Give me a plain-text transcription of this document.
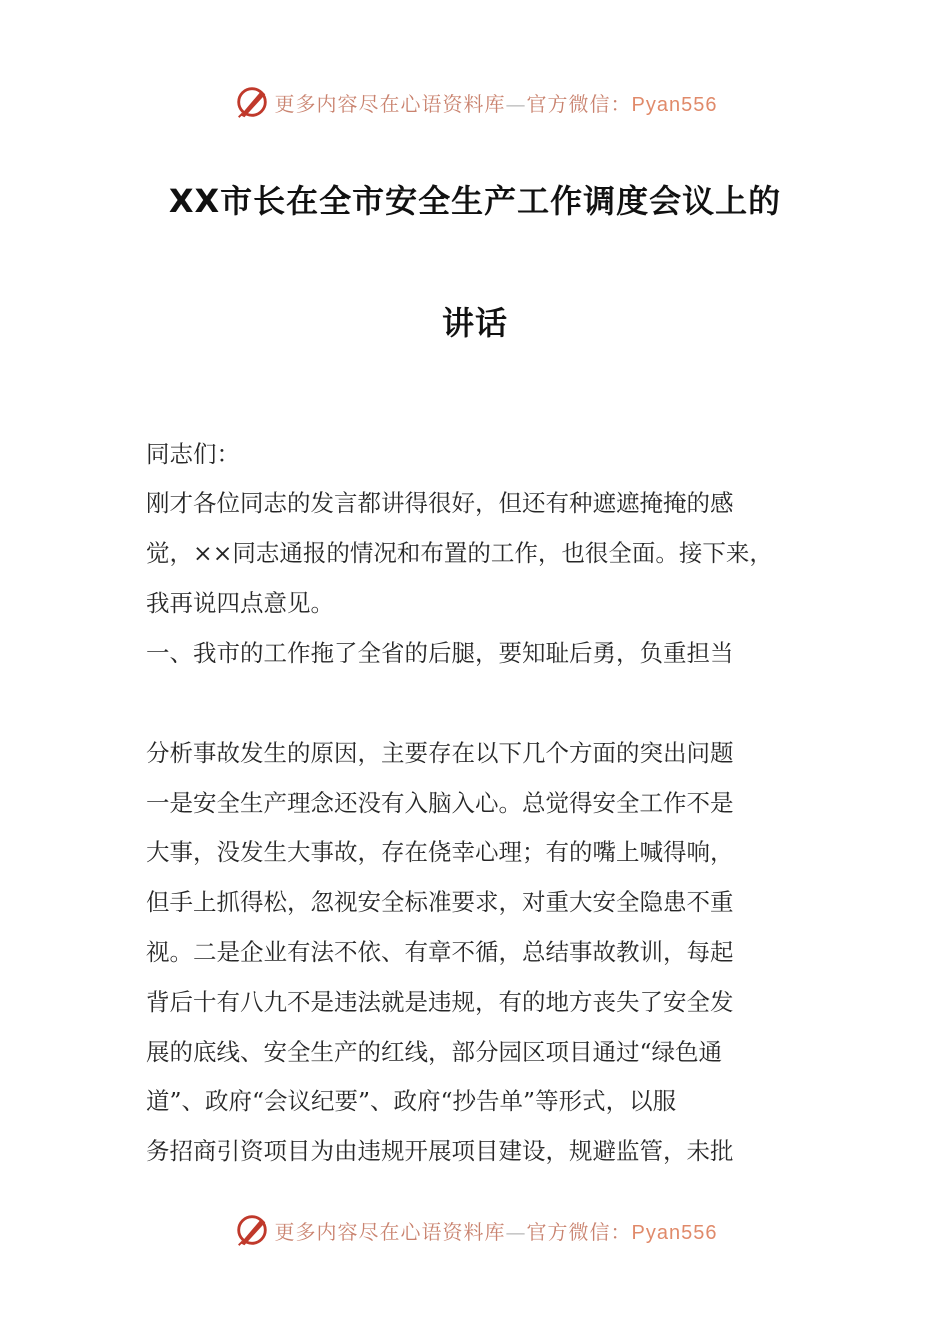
更多内容尽在心语资料库—官方微信：Pyan556
XX市长在全市安全生产工作调度会议上的
讲话
同志们：
刚才各位同志的发言都讲得很好，但还有种遮遮掩掩的感
觉，××同志通报的情况和布置的工作，也很全面。接下来，
我再说四点意见。
一、我市的工作拖了全省的后腿，要知耻后勇，负重担当
分析事故发生的原因，主要存在以下几个方面的突出问题
一是安全生产理念还没有入脑入心。总觉得安全工作不是
大事，没发生大事故，存在侥幸心理；有的嘴上喊得响，
但手上抓得松，忽视安全标准要求，对重大安全隐患不重
视。二是企业有法不依、有章不循，总结事故教训，每起
背后十有八九不是违法就是违规，有的地方丧失了安全发
展的底线、安全生产的红线，部分园区项目通过“绿色通
道”、政府“会议纪要”、政府“抄告单”等形式，以服
务招商引资项目为由违规开展项目建设，规避监管，未批
更多内容尽在心语资料库—官方微信：Pyan556
